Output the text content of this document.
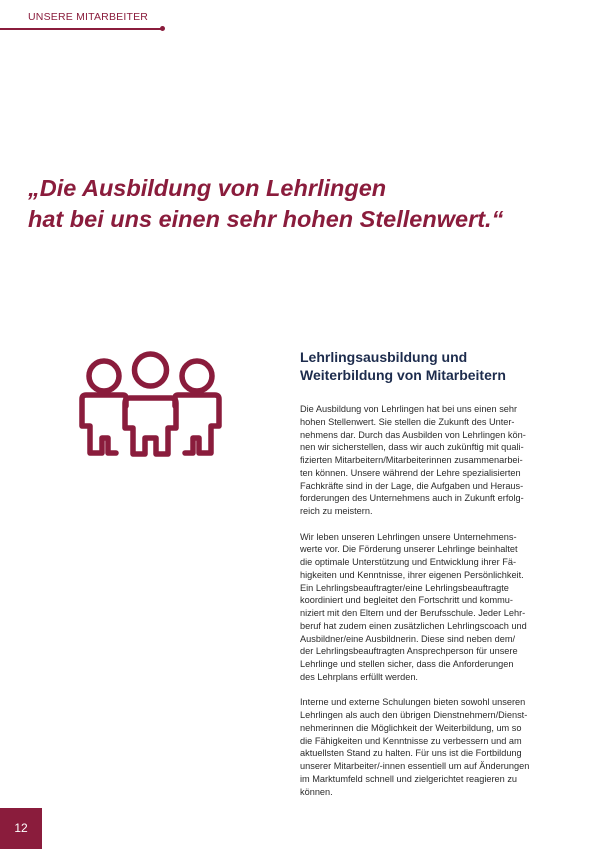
UNSERE MITARBEITER
„Die Ausbildung von Lehrlingen
hat bei uns einen sehr hohen Stellenwert.“
Lehrlingsausbildung und
Weiterbildung von Mitarbeitern
Die Ausbildung von Lehrlingen hat bei uns einen sehr
hohen Stellenwert. Sie stellen die Zukunft des Unter-
nehmens dar. Durch das Ausbilden von Lehrlingen kön-
nen wir sicherstellen, dass wir auch zukünftig mit quali-
fizierten Mitarbeitern/Mitarbeiterinnen zusammenarbei-
ten können. Unsere während der Lehre spezialisierten
Fachkräfte sind in der Lage, die Aufgaben und Heraus-
forderungen des Unternehmens auch in Zukunft erfolg-
reich zu meistern.
Wir leben unseren Lehrlingen unsere Unternehmens-
werte vor. Die Förderung unserer Lehrlinge beinhaltet
die optimale Unterstützung und Entwicklung ihrer Fä-
higkeiten und Kenntnisse, ihrer eigenen Persönlichkeit.
Ein Lehrlingsbeauftragter/eine Lehrlingsbeauftragte
koordiniert und begleitet den Fortschritt und kommu-
niziert mit den Eltern und der Berufsschule. Jeder Lehr-
beruf hat zudem einen zusätzlichen Lehrlingscoach und
Ausbildner/eine Ausbildnerin. Diese sind neben dem/
der Lehrlingsbeauftragten Ansprechperson für unsere
Lehrlinge und stellen sicher, dass die Anforderungen
des Lehrplans erfüllt werden.
Interne und externe Schulungen bieten sowohl unseren
Lehrlingen als auch den übrigen Dienstnehmern/Dienst-
nehmerinnen die Möglichkeit der Weiterbildung, um so
die Fähigkeiten und Kenntnisse zu verbessern und am
aktuellsten Stand zu halten. Für uns ist die Fortbildung
unserer Mitarbeiter/-innen essentiell um auf Änderungen
im Marktumfeld schnell und zielgerichtet reagieren zu
können.
12
